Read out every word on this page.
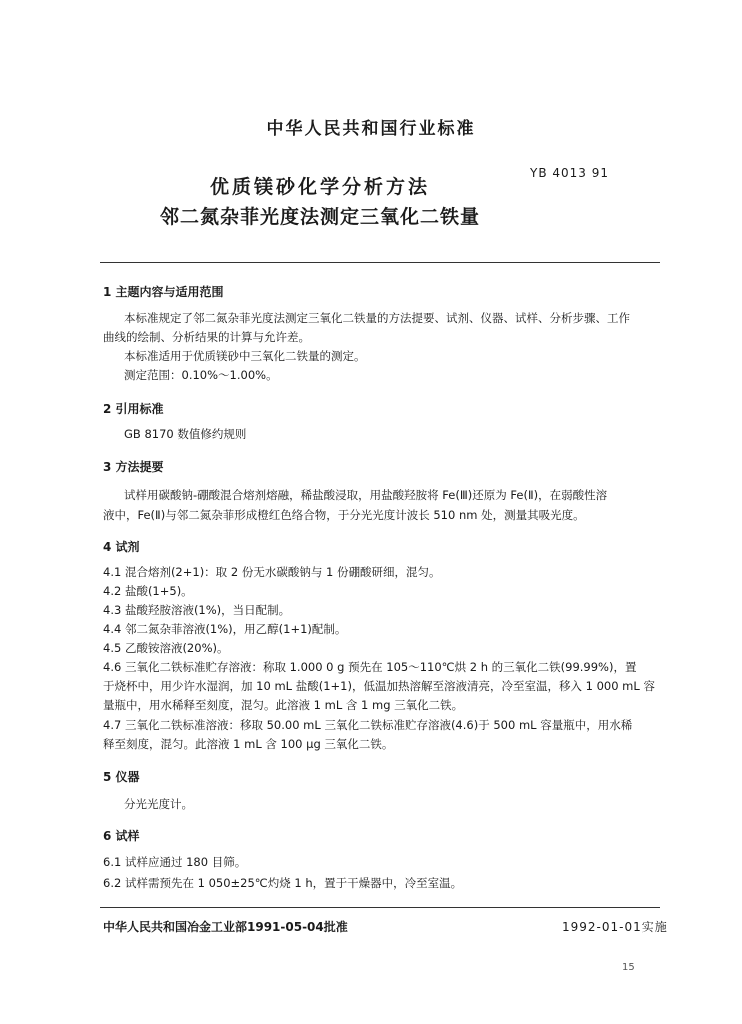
中华人民共和国行业标准
YB 4013 91
优质镁砂化学分析方法
邻二氮杂菲光度法测定三氧化二铁量
1 主题内容与适用范围
本标准规定了邻二氮杂菲光度法测定三氧化二铁量的方法提要、试剂、仪器、试样、分析步骤、工作
曲线的绘制、分析结果的计算与允许差。
本标准适用于优质镁砂中三氧化二铁量的测定。
测定范围：0.10%～1.00%。
2 引用标准
GB 8170 数值修约规则
3 方法提要
试样用碳酸钠-硼酸混合熔剂熔融，稀盐酸浸取，用盐酸羟胺将 Fe(Ⅲ)还原为 Fe(Ⅱ)，在弱酸性溶
液中，Fe(Ⅱ)与邻二氮杂菲形成橙红色络合物，于分光光度计波长 510 nm 处，测量其吸光度。
4 试剂
4.1 混合熔剂(2+1)：取 2 份无水碳酸钠与 1 份硼酸研细，混匀。
4.2 盐酸(1+5)。
4.3 盐酸羟胺溶液(1%)，当日配制。
4.4 邻二氮杂菲溶液(1%)，用乙醇(1+1)配制。
4.5 乙酸铵溶液(20%)。
4.6 三氧化二铁标准贮存溶液：称取 1.000 0 g 预先在 105～110℃烘 2 h 的三氧化二铁(99.99%)，置
于烧杯中，用少许水湿润，加 10 mL 盐酸(1+1)，低温加热溶解至溶液清亮，冷至室温，移入 1 000 mL 容
量瓶中，用水稀释至刻度，混匀。此溶液 1 mL 含 1 mg 三氧化二铁。
4.7 三氧化二铁标准溶液：移取 50.00 mL 三氧化二铁标准贮存溶液(4.6)于 500 mL 容量瓶中，用水稀
释至刻度，混匀。此溶液 1 mL 含 100 μg 三氧化二铁。
5 仪器
分光光度计。
6 试样
6.1 试样应通过 180 目筛。
6.2 试样需预先在 1 050±25℃灼烧 1 h，置于干燥器中，冷至室温。
中华人民共和国冶金工业部1991-05-04批准	1992-01-01实施
15
